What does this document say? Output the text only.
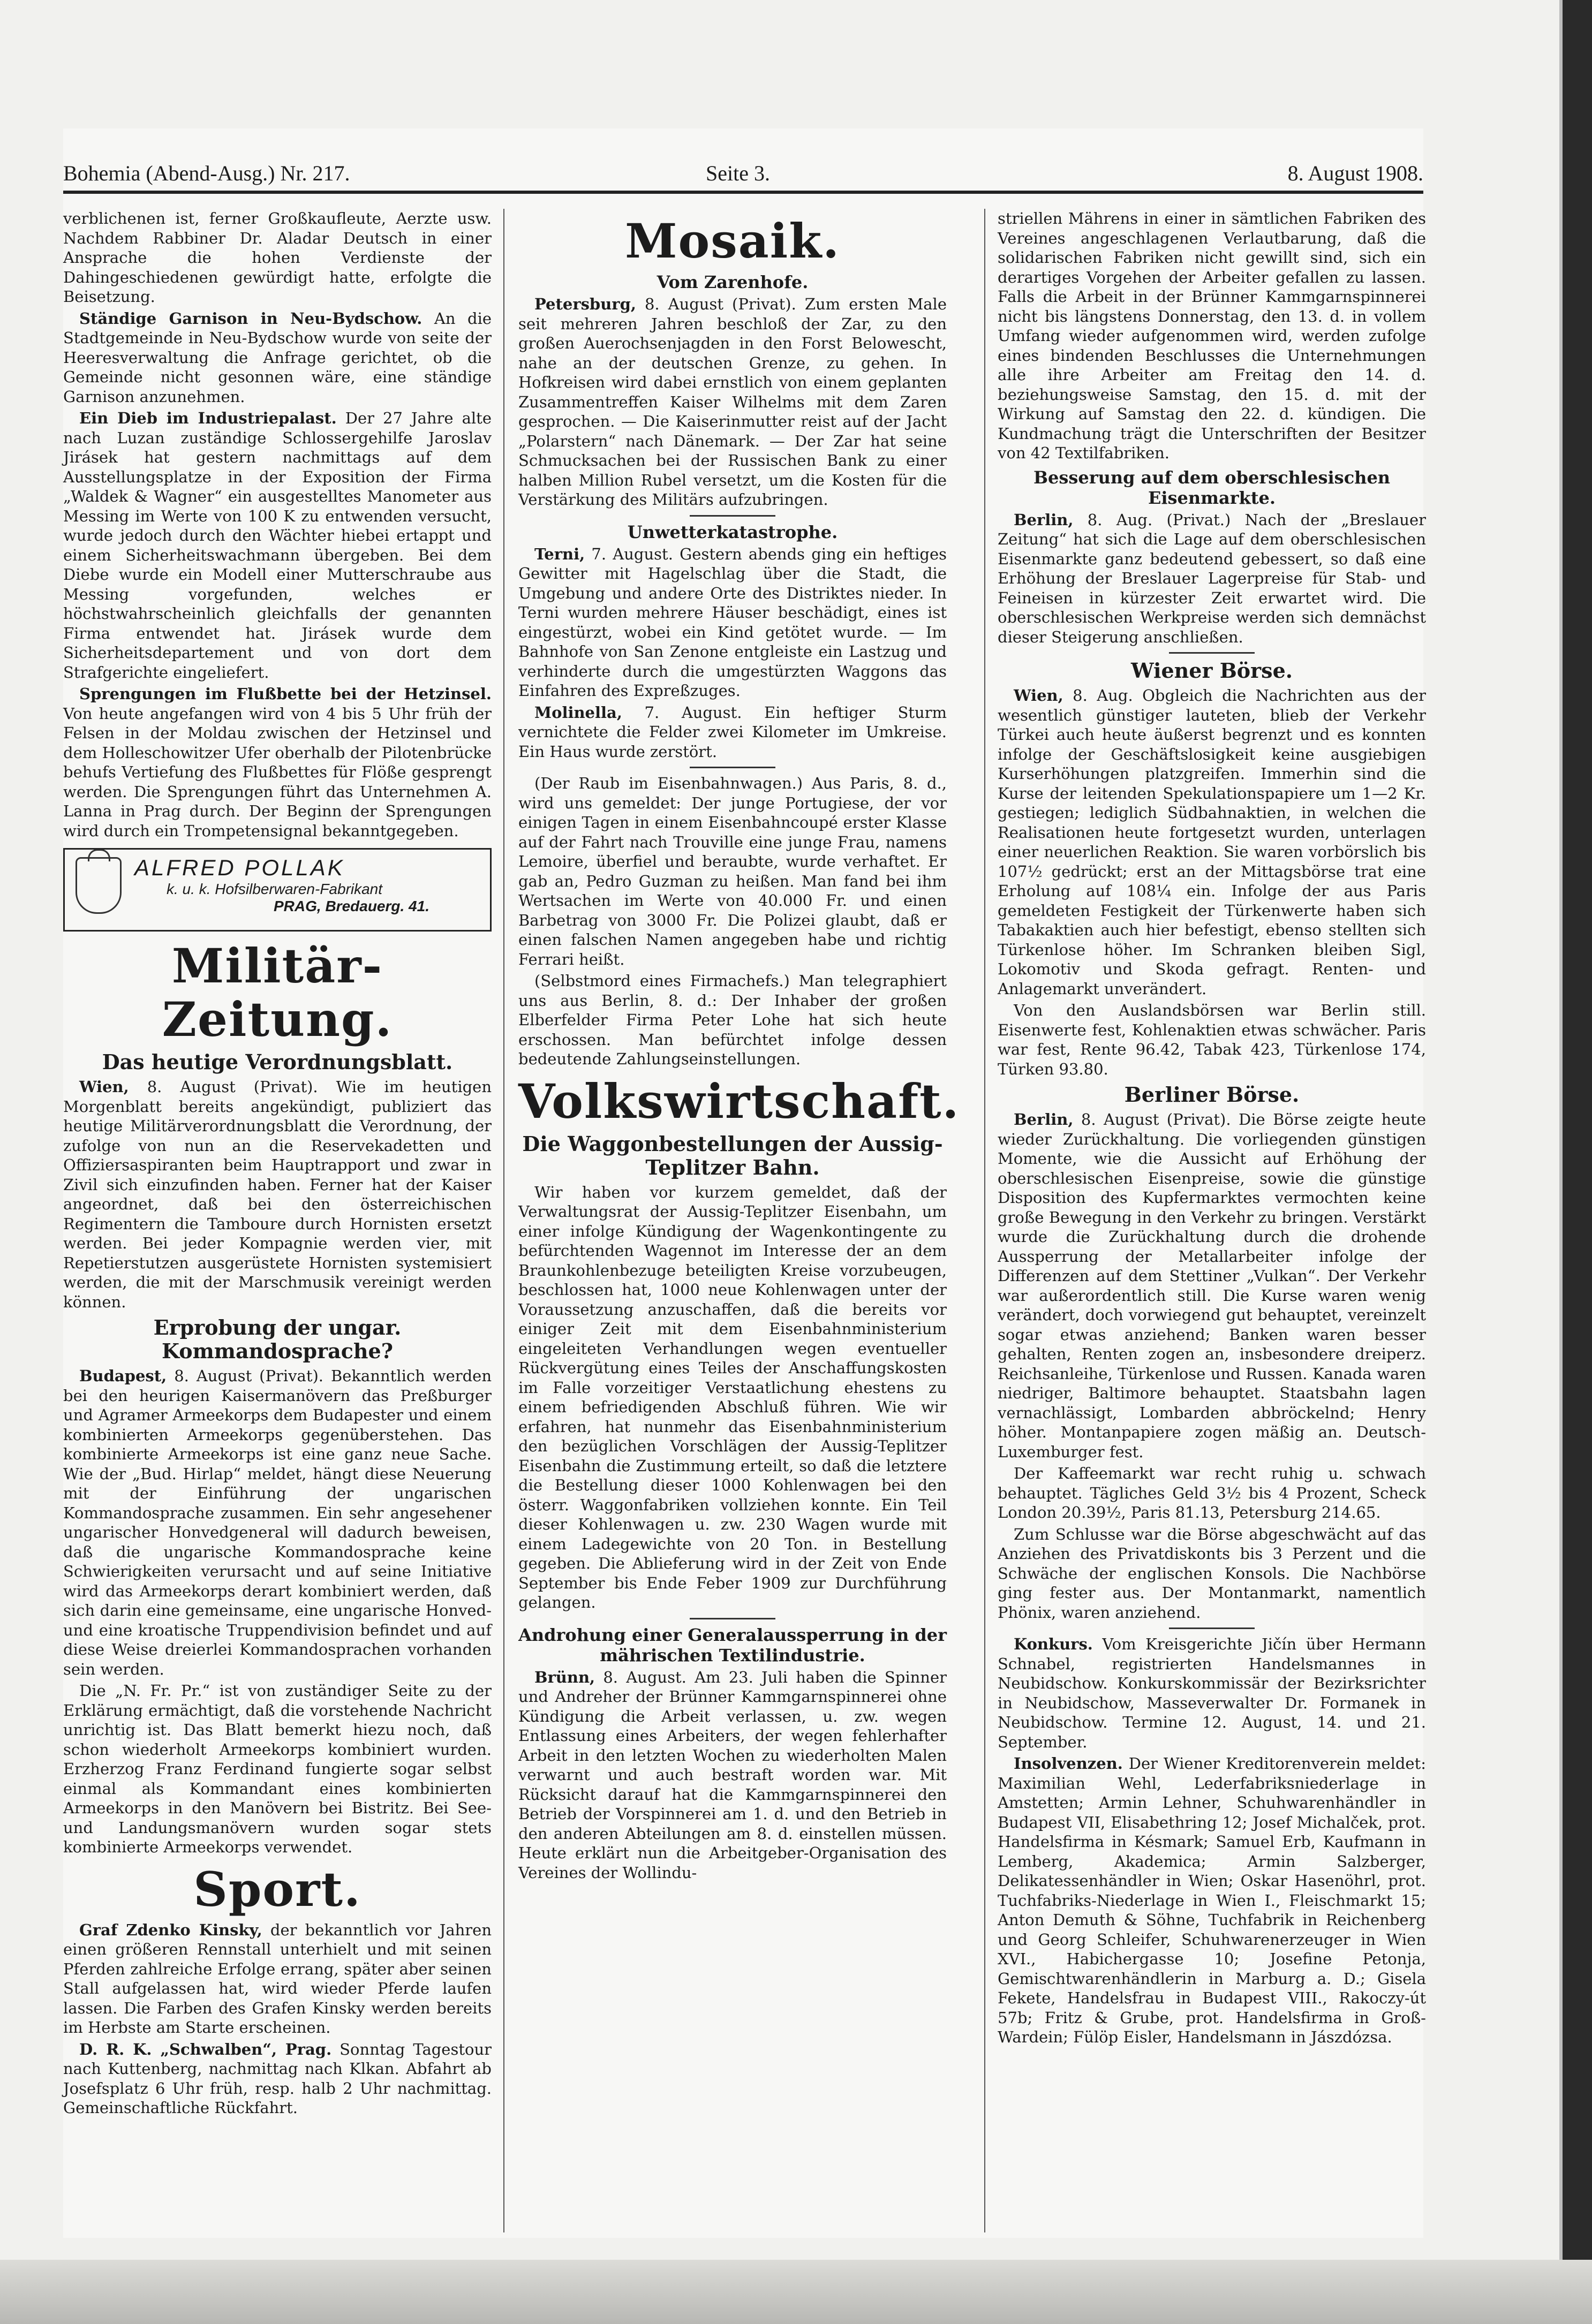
Bohemia (Abend-Ausg.) Nr. 217.	Seite 3.	8. August 1908.

verblichenen ist, ferner Großkaufleute, Aerzte usw. Nachdem Rabbiner Dr. Aladar Deutsch in einer Ansprache die hohen Verdienste der Dahingeschiedenen gewürdigt hatte, erfolgte die Beisetzung.

Ständige Garnison in Neu-Bydschow. An die Stadtgemeinde in Neu-Bydschow wurde von seite der Heeresverwaltung die Anfrage gerichtet, ob die Gemeinde nicht gesonnen wäre, eine ständige Garnison anzunehmen.

Ein Dieb im Industriepalast. Der 27 Jahre alte nach Luzan zuständige Schlossergehilfe Jaroslav Jirásek hat gestern nachmittags auf dem Ausstellungsplatze in der Exposition der Firma „Waldek & Wagner“ ein ausgestelltes Manometer aus Messing im Werte von 100 K zu entwenden versucht, wurde jedoch durch den Wächter hiebei ertappt und einem Sicherheitswachmann übergeben. Bei dem Diebe wurde ein Modell einer Mutterschraube aus Messing vorgefunden, welches er höchstwahrscheinlich gleichfalls der genannten Firma entwendet hat. Jirásek wurde dem Sicherheitsdepartement und von dort dem Strafgerichte eingeliefert.

Sprengungen im Flußbette bei der Hetzinsel. Von heute angefangen wird von 4 bis 5 Uhr früh der Felsen in der Moldau zwischen der Hetzinsel und dem Holleschowitzer Ufer oberhalb der Pilotenbrücke behufs Vertiefung des Flußbettes für Flöße gesprengt werden. Die Sprengungen führt das Unternehmen A. Lanna in Prag durch. Der Beginn der Sprengungen wird durch ein Trompetensignal bekanntgegeben.

ALFRED POLLAK
k. u. k. Hofsilberwaren-Fabrikant
PRAG, Bredauerg. 41.
Militär-Zeitung.
Das heutige Verordnungsblatt.

Wien, 8. August (Privat). Wie im heutigen Morgenblatt bereits angekündigt, publiziert das heutige Militärverordnungsblatt die Verordnung, der zufolge von nun an die Reservekadetten und Offiziersaspiranten beim Hauptrapport und zwar in Zivil sich einzufinden haben. Ferner hat der Kaiser angeordnet, daß bei den österreichischen Regimentern die Tamboure durch Hornisten ersetzt werden. Bei jeder Kompagnie werden vier, mit Repetierstutzen ausgerüstete Hornisten systemisiert werden, die mit der Marschmusik vereinigt werden können.

Erprobung der ungar. Kommandosprache?

Budapest, 8. August (Privat). Bekanntlich werden bei den heurigen Kaisermanövern das Preßburger und Agramer Armeekorps dem Budapester und einem kombinierten Armeekorps gegenüberstehen. Das kombinierte Armeekorps ist eine ganz neue Sache. Wie der „Bud. Hirlap“ meldet, hängt diese Neuerung mit der Einführung der ungarischen Kommandosprache zusammen. Ein sehr angesehener ungarischer Honvedgeneral will dadurch beweisen, daß die ungarische Kommandosprache keine Schwierigkeiten verursacht und auf seine Initiative wird das Armeekorps derart kombiniert werden, daß sich darin eine gemeinsame, eine ungarische Honved- und eine kroatische Truppendivision befindet und auf diese Weise dreierlei Kommandosprachen vorhanden sein werden.

Die „N. Fr. Pr.“ ist von zuständiger Seite zu der Erklärung ermächtigt, daß die vorstehende Nachricht unrichtig ist. Das Blatt bemerkt hiezu noch, daß schon wiederholt Armeekorps kombiniert wurden. Erzherzog Franz Ferdinand fungierte sogar selbst einmal als Kommandant eines kombinierten Armeekorps in den Manövern bei Bistritz. Bei See- und Landungsmanövern wurden sogar stets kombinierte Armeekorps verwendet.

Sport.

Graf Zdenko Kinsky, der bekanntlich vor Jahren einen größeren Rennstall unterhielt und mit seinen Pferden zahlreiche Erfolge errang, später aber seinen Stall aufgelassen hat, wird wieder Pferde laufen lassen. Die Farben des Grafen Kinsky werden bereits im Herbste am Starte erscheinen.

D. R. K. „Schwalben“, Prag. Sonntag Tagestour nach Kuttenberg, nachmittag nach Klkan. Abfahrt ab Josefsplatz 6 Uhr früh, resp. halb 2 Uhr nachmittag. Gemeinschaftliche Rückfahrt.

Mosaik.
Vom Zarenhofe.

Petersburg, 8. August (Privat). Zum ersten Male seit mehreren Jahren beschloß der Zar, zu den großen Auerochsenjagden in den Forst Belowescht, nahe an der deutschen Grenze, zu gehen. In Hofkreisen wird dabei ernstlich von einem geplanten Zusammentreffen Kaiser Wilhelms mit dem Zaren gesprochen. — Die Kaiserinmutter reist auf der Jacht „Polarstern“ nach Dänemark. — Der Zar hat seine Schmucksachen bei der Russischen Bank zu einer halben Million Rubel versetzt, um die Kosten für die Verstärkung des Militärs aufzubringen.

Unwetterkatastrophe.

Terni, 7. August. Gestern abends ging ein heftiges Gewitter mit Hagelschlag über die Stadt, die Umgebung und andere Orte des Distriktes nieder. In Terni wurden mehrere Häuser beschädigt, eines ist eingestürzt, wobei ein Kind getötet wurde. — Im Bahnhofe von San Zenone entgleiste ein Lastzug und verhinderte durch die umgestürzten Waggons das Einfahren des Expreßzuges.

Molinella, 7. August. Ein heftiger Sturm vernichtete die Felder zwei Kilometer im Umkreise. Ein Haus wurde zerstört.

(Der Raub im Eisenbahnwagen.) Aus Paris, 8. d., wird uns gemeldet: Der junge Portugiese, der vor einigen Tagen in einem Eisenbahncoupé erster Klasse auf der Fahrt nach Trouville eine junge Frau, namens Lemoire, überfiel und beraubte, wurde verhaftet. Er gab an, Pedro Guzman zu heißen. Man fand bei ihm Wertsachen im Werte von 40.000 Fr. und einen Barbetrag von 3000 Fr. Die Polizei glaubt, daß er einen falschen Namen angegeben habe und richtig Ferrari heißt.

(Selbstmord eines Firmachefs.) Man telegraphiert uns aus Berlin, 8. d.: Der Inhaber der großen Elberfelder Firma Peter Lohe hat sich heute erschossen. Man befürchtet infolge dessen bedeutende Zahlungseinstellungen.

Volkswirtschaft.
Die Waggonbestellungen der Aussig-Teplitzer Bahn.

Wir haben vor kurzem gemeldet, daß der Verwaltungsrat der Aussig-Teplitzer Eisenbahn, um einer infolge Kündigung der Wagenkontingente zu befürchtenden Wagennot im Interesse der an dem Braunkohlenbezuge beteiligten Kreise vorzubeugen, beschlossen hat, 1000 neue Kohlenwagen unter der Voraussetzung anzuschaffen, daß die bereits vor einiger Zeit mit dem Eisenbahnministerium eingeleiteten Verhandlungen wegen eventueller Rückvergütung eines Teiles der Anschaffungskosten im Falle vorzeitiger Verstaatlichung ehestens zu einem befriedigenden Abschluß führen. Wie wir erfahren, hat nunmehr das Eisenbahnministerium den bezüglichen Vorschlägen der Aussig-Teplitzer Eisenbahn die Zustimmung erteilt, so daß die letztere die Bestellung dieser 1000 Kohlenwagen bei den österr. Waggonfabriken vollziehen konnte. Ein Teil dieser Kohlenwagen u. zw. 230 Wagen wurde mit einem Ladegewichte von 20 Ton. in Bestellung gegeben. Die Ablieferung wird in der Zeit von Ende September bis Ende Feber 1909 zur Durchführung gelangen.

Androhung einer Generalaussperrung in der mährischen Textilindustrie.

Brünn, 8. August. Am 23. Juli haben die Spinner und Andreher der Brünner Kammgarnspinnerei ohne Kündigung die Arbeit verlassen, u. zw. wegen Entlassung eines Arbeiters, der wegen fehlerhafter Arbeit in den letzten Wochen zu wiederholten Malen verwarnt und auch bestraft worden war. Mit Rücksicht darauf hat die Kammgarnspinnerei den Betrieb der Vorspinnerei am 1. d. und den Betrieb in den anderen Abteilungen am 8. d. einstellen müssen. Heute erklärt nun die Arbeitgeber-Organisation des Vereines der Wollindu-

striellen Mährens in einer in sämtlichen Fabriken des Vereines angeschlagenen Verlautbarung, daß die solidarischen Fabriken nicht gewillt sind, sich ein derartiges Vorgehen der Arbeiter gefallen zu lassen. Falls die Arbeit in der Brünner Kammgarnspinnerei nicht bis längstens Donnerstag, den 13. d. in vollem Umfang wieder aufgenommen wird, werden zufolge eines bindenden Beschlusses die Unternehmungen alle ihre Arbeiter am Freitag den 14. d. beziehungsweise Samstag, den 15. d. mit der Wirkung auf Samstag den 22. d. kündigen. Die Kundmachung trägt die Unterschriften der Besitzer von 42 Textilfabriken.

Besserung auf dem oberschlesischen Eisenmarkte.

Berlin, 8. Aug. (Privat.) Nach der „Breslauer Zeitung“ hat sich die Lage auf dem oberschlesischen Eisenmarkte ganz bedeutend gebessert, so daß eine Erhöhung der Breslauer Lagerpreise für Stab- und Feineisen in kürzester Zeit erwartet wird. Die oberschlesischen Werkpreise werden sich demnächst dieser Steigerung anschließen.

Wiener Börse.

Wien, 8. Aug. Obgleich die Nachrichten aus der wesentlich günstiger lauteten, blieb der Verkehr Türkei auch heute äußerst begrenzt und es konnten infolge der Geschäftslosigkeit keine ausgiebigen Kurserhöhungen platzgreifen. Immerhin sind die Kurse der leitenden Spekulationspapiere um 1—2 Kr. gestiegen; lediglich Südbahnaktien, in welchen die Realisationen heute fortgesetzt wurden, unterlagen einer neuerlichen Reaktion. Sie waren vorbörslich bis 107½ gedrückt; erst an der Mittagsbörse trat eine Erholung auf 108¼ ein. Infolge der aus Paris gemeldeten Festigkeit der Türkenwerte haben sich Tabakaktien auch hier befestigt, ebenso stellten sich Türkenlose höher. Im Schranken bleiben Sigl, Lokomotiv und Skoda gefragt. Renten- und Anlagemarkt unverändert.

Von den Auslandsbörsen war Berlin still. Eisenwerte fest, Kohlenaktien etwas schwächer. Paris war fest, Rente 96.42, Tabak 423, Türkenlose 174, Türken 93.80.

Berliner Börse.

Berlin, 8. August (Privat). Die Börse zeigte heute wieder Zurückhaltung. Die vorliegenden günstigen Momente, wie die Aussicht auf Erhöhung der oberschlesischen Eisenpreise, sowie die günstige Disposition des Kupfermarktes vermochten keine große Bewegung in den Verkehr zu bringen. Verstärkt wurde die Zurückhaltung durch die drohende Aussperrung der Metallarbeiter infolge der Differenzen auf dem Stettiner „Vulkan“. Der Verkehr war außerordentlich still. Die Kurse waren wenig verändert, doch vorwiegend gut behauptet, vereinzelt sogar etwas anziehend; Banken waren besser gehalten, Renten zogen an, insbesondere dreiperz. Reichsanleihe, Türkenlose und Russen. Kanada waren niedriger, Baltimore behauptet. Staatsbahn lagen vernachlässigt, Lombarden abbröckelnd; Henry höher. Montanpapiere zogen mäßig an. Deutsch-Luxemburger fest.

Der Kaffeemarkt war recht ruhig u. schwach behauptet. Tägliches Geld 3½ bis 4 Prozent, Scheck London 20.39½, Paris 81.13, Petersburg 214.65.

Zum Schlusse war die Börse abgeschwächt auf das Anziehen des Privatdiskonts bis 3 Perzent und die Schwäche der englischen Konsols. Die Nachbörse ging fester aus. Der Montanmarkt, namentlich Phönix, waren anziehend.

Konkurs. Vom Kreisgerichte Jičín über Hermann Schnabel, registrierten Handelsmannes in Neubidschow. Konkurskommissär der Bezirksrichter in Neubidschow, Masseverwalter Dr. Formanek in Neubidschow. Termine 12. August, 14. und 21. September.

Insolvenzen. Der Wiener Kreditorenverein meldet: Maximilian Wehl, Lederfabriksniederlage in Amstetten; Armin Lehner, Schuhwarenhändler in Budapest VII, Elisabethring 12; Josef Michalček, prot. Handelsfirma in Késmark; Samuel Erb, Kaufmann in Lemberg, Akademica; Armin Salzberger, Delikatessenhändler in Wien; Oskar Hasenöhrl, prot. Tuchfabriks-Niederlage in Wien I., Fleischmarkt 15; Anton Demuth & Söhne, Tuchfabrik in Reichenberg und Georg Schleifer, Schuhwarenerzeuger in Wien XVI., Habichergasse 10; Josefine Petonja, Gemischtwarenhändlerin in Marburg a. D.; Gisela Fekete, Handelsfrau in Budapest VIII., Rakoczy-út 57b; Fritz & Grube, prot. Handelsfirma in Groß-Wardein; Fülöp Eisler, Handelsmann in Jászdózsa.
